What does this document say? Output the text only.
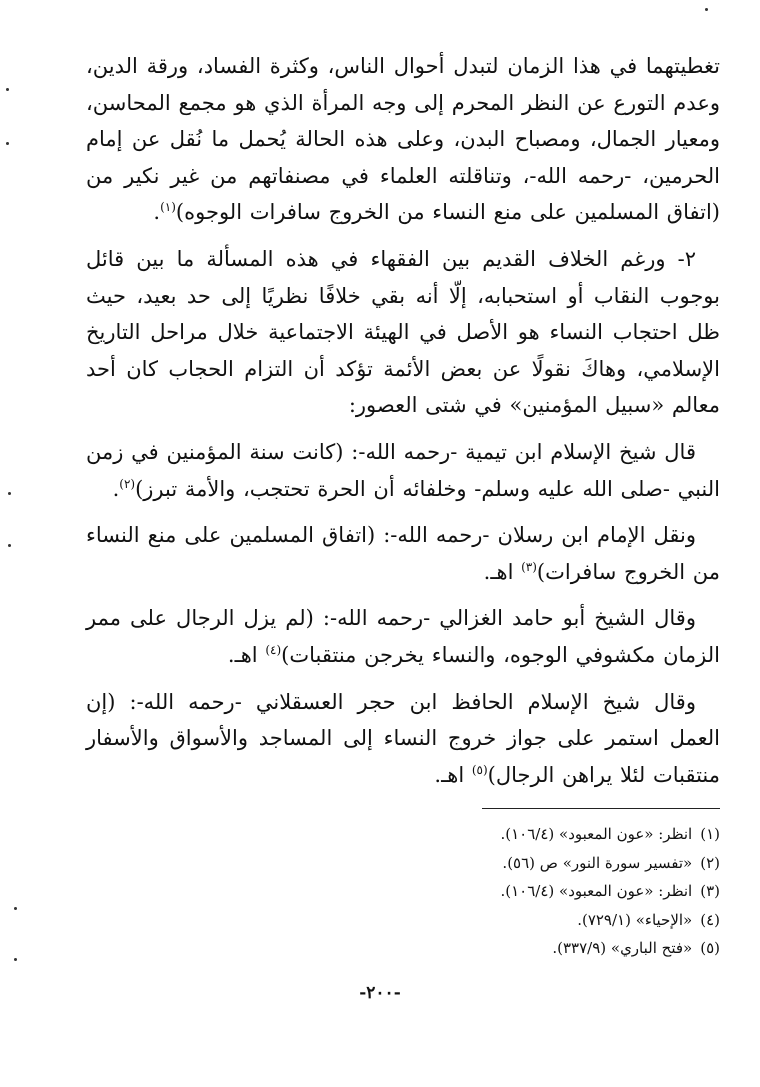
تغطيتهما في هذا الزمان لتبدل أحوال الناس، وكثرة الفساد، ورقة الدين، وعدم التورع عن النظر المحرم إلى وجه المرأة الذي هو مجمع المحاسن، ومعيار الجمال، ومصباح البدن، وعلى هذه الحالة يُحمل ما نُقل عن إمام الحرمين، -رحمه الله-، وتناقلته العلماء في مصنفاتهم من غير نكير من (اتفاق المسلمين على منع النساء من الخروج سافرات الوجوه)$^{(١)}$.

٢- ورغم الخلاف القديم بين الفقهاء في هذه المسألة ما بين قائل بوجوب النقاب أو استحبابه، إلّا أنه بقي خلافًا نظريًا إلى حد بعيد، حيث ظل احتجاب النساء هو الأصل في الهيئة الاجتماعية خلال مراحل التاريخ الإسلامي، وهاكَ نقولًا عن بعض الأئمة تؤكد أن التزام الحجاب كان أحد معالم «سبيل المؤمنين» في شتى العصور:

قال شيخ الإسلام ابن تيمية -رحمه الله-: (كانت سنة المؤمنين في زمن النبي -صلى الله عليه وسلم- وخلفائه أن الحرة تحتجب، والأمة تبرز)$^{(٢)}$.

ونقل الإمام ابن رسلان -رحمه الله-: (اتفاق المسلمين على منع النساء من الخروج سافرات)$^{(٣)}$ اهـ.

وقال الشيخ أبو حامد الغزالي -رحمه الله-: (لم يزل الرجال على ممر الزمان مكشوفي الوجوه، والنساء يخرجن منتقبات)$^{(٤)}$ اهـ.

وقال شيخ الإسلام الحافظ ابن حجر العسقلاني -رحمه الله-: (إن العمل استمر على جواز خروج النساء إلى المساجد والأسواق والأسفار منتقبات لئلا يراهن الرجال)$^{(٥)}$ اهـ.

(١)انظر: «عون المعبود» (١٠٦/٤).
(٢)«تفسير سورة النور» ص (٥٦).
(٣)انظر: «عون المعبود» (١٠٦/٤).
(٤)«الإحياء» (٧٢٩/١).
(٥)«فتح الباري» (٣٣٧/٩).
-٢٠٠-
